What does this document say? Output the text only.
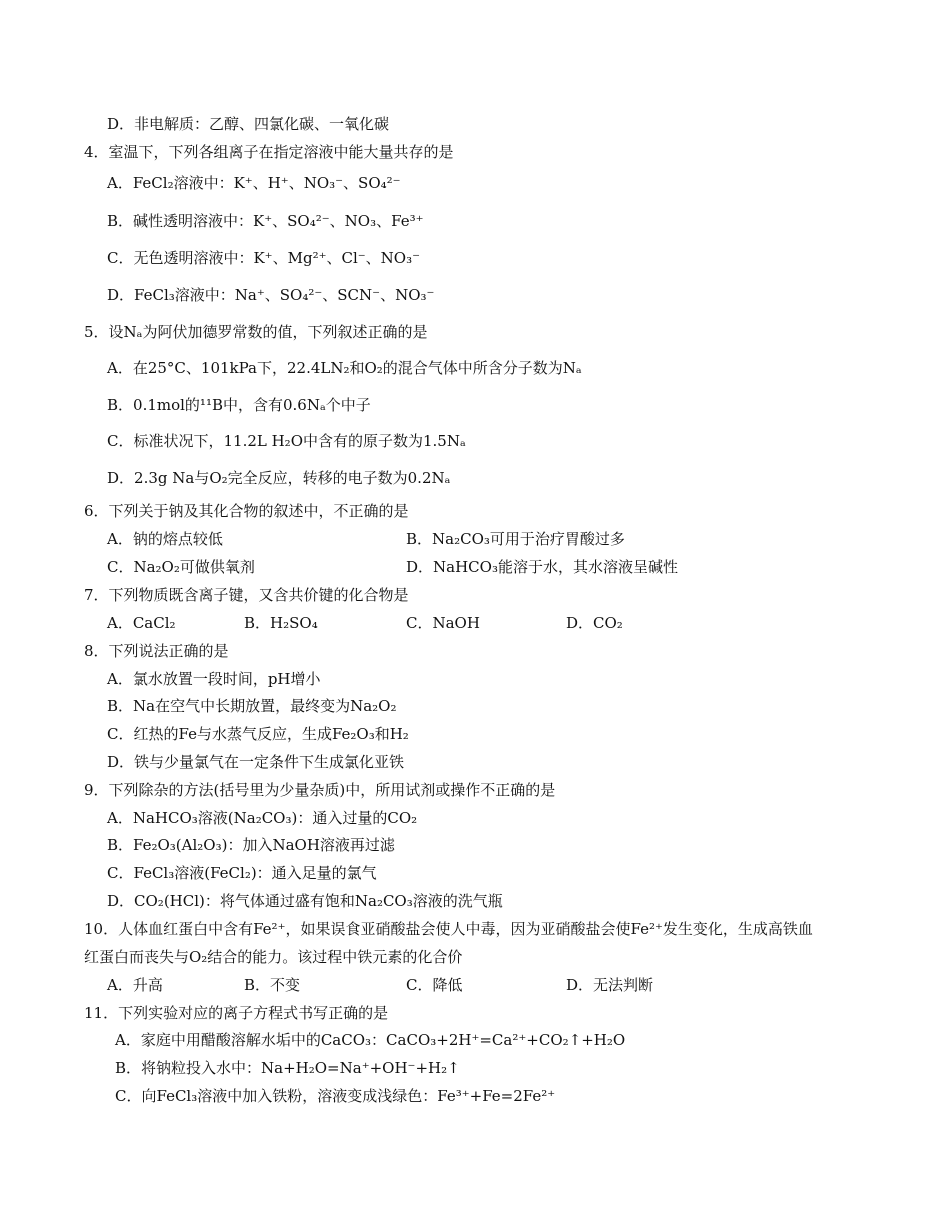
D．非电解质：乙醇、四氯化碳、一氧化碳
4．室温下，下列各组离子在指定溶液中能大量共存的是
A．FeCl₂溶液中：K⁺、H⁺、NO₃⁻、SO₄²⁻
B．碱性透明溶液中：K⁺、SO₄²⁻、NO₃、Fe³⁺
C．无色透明溶液中：K⁺、Mg²⁺、Cl⁻、NO₃⁻
D．FeCl₃溶液中：Na⁺、SO₄²⁻、SCN⁻、NO₃⁻
5．设Nₐ为阿伏加德罗常数的值，下列叙述正确的是
A．在25°C、101kPa下，22.4LN₂和O₂的混合气体中所含分子数为Nₐ
B．0.1mol的¹¹B中，含有0.6Nₐ个中子
C．标准状况下，11.2L H₂O中含有的原子数为1.5Nₐ
D．2.3g Na与O₂完全反应，转移的电子数为0.2Nₐ
6．下列关于钠及其化合物的叙述中，不正确的是
A．钠的熔点较低	B．Na₂CO₃可用于治疗胃酸过多
C．Na₂O₂可做供氧剂	D．NaHCO₃能溶于水，其水溶液呈碱性
7．下列物质既含离子键，又含共价键的化合物是
A．CaCl₂	B．H₂SO₄	C．NaOH	D．CO₂
8．下列说法正确的是
A．氯水放置一段时间，pH增小
B．Na在空气中长期放置，最终变为Na₂O₂
C．红热的Fe与水蒸气反应，生成Fe₂O₃和H₂
D．铁与少量氯气在一定条件下生成氯化亚铁
9．下列除杂的方法(括号里为少量杂质)中，所用试剂或操作不正确的是
A．NaHCO₃溶液(Na₂CO₃)：通入过量的CO₂
B．Fe₂O₃(Al₂O₃)：加入NaOH溶液再过滤
C．FeCl₃溶液(FeCl₂)：通入足量的氯气
D．CO₂(HCl)：将气体通过盛有饱和Na₂CO₃溶液的洗气瓶
10．人体血红蛋白中含有Fe²⁺，如果误食亚硝酸盐会使人中毒，因为亚硝酸盐会使Fe²⁺发生变化，生成高铁血
红蛋白而丧失与O₂结合的能力。该过程中铁元素的化合价
A．升高	B．不变	C．降低	D．无法判断
11．下列实验对应的离子方程式书写正确的是
A．家庭中用醋酸溶解水垢中的CaCO₃：CaCO₃+2H⁺=Ca²⁺+CO₂↑+H₂O
B．将钠粒投入水中：Na+H₂O=Na⁺+OH⁻+H₂↑
C．向FeCl₃溶液中加入铁粉，溶液变成浅绿色：Fe³⁺+Fe=2Fe²⁺
